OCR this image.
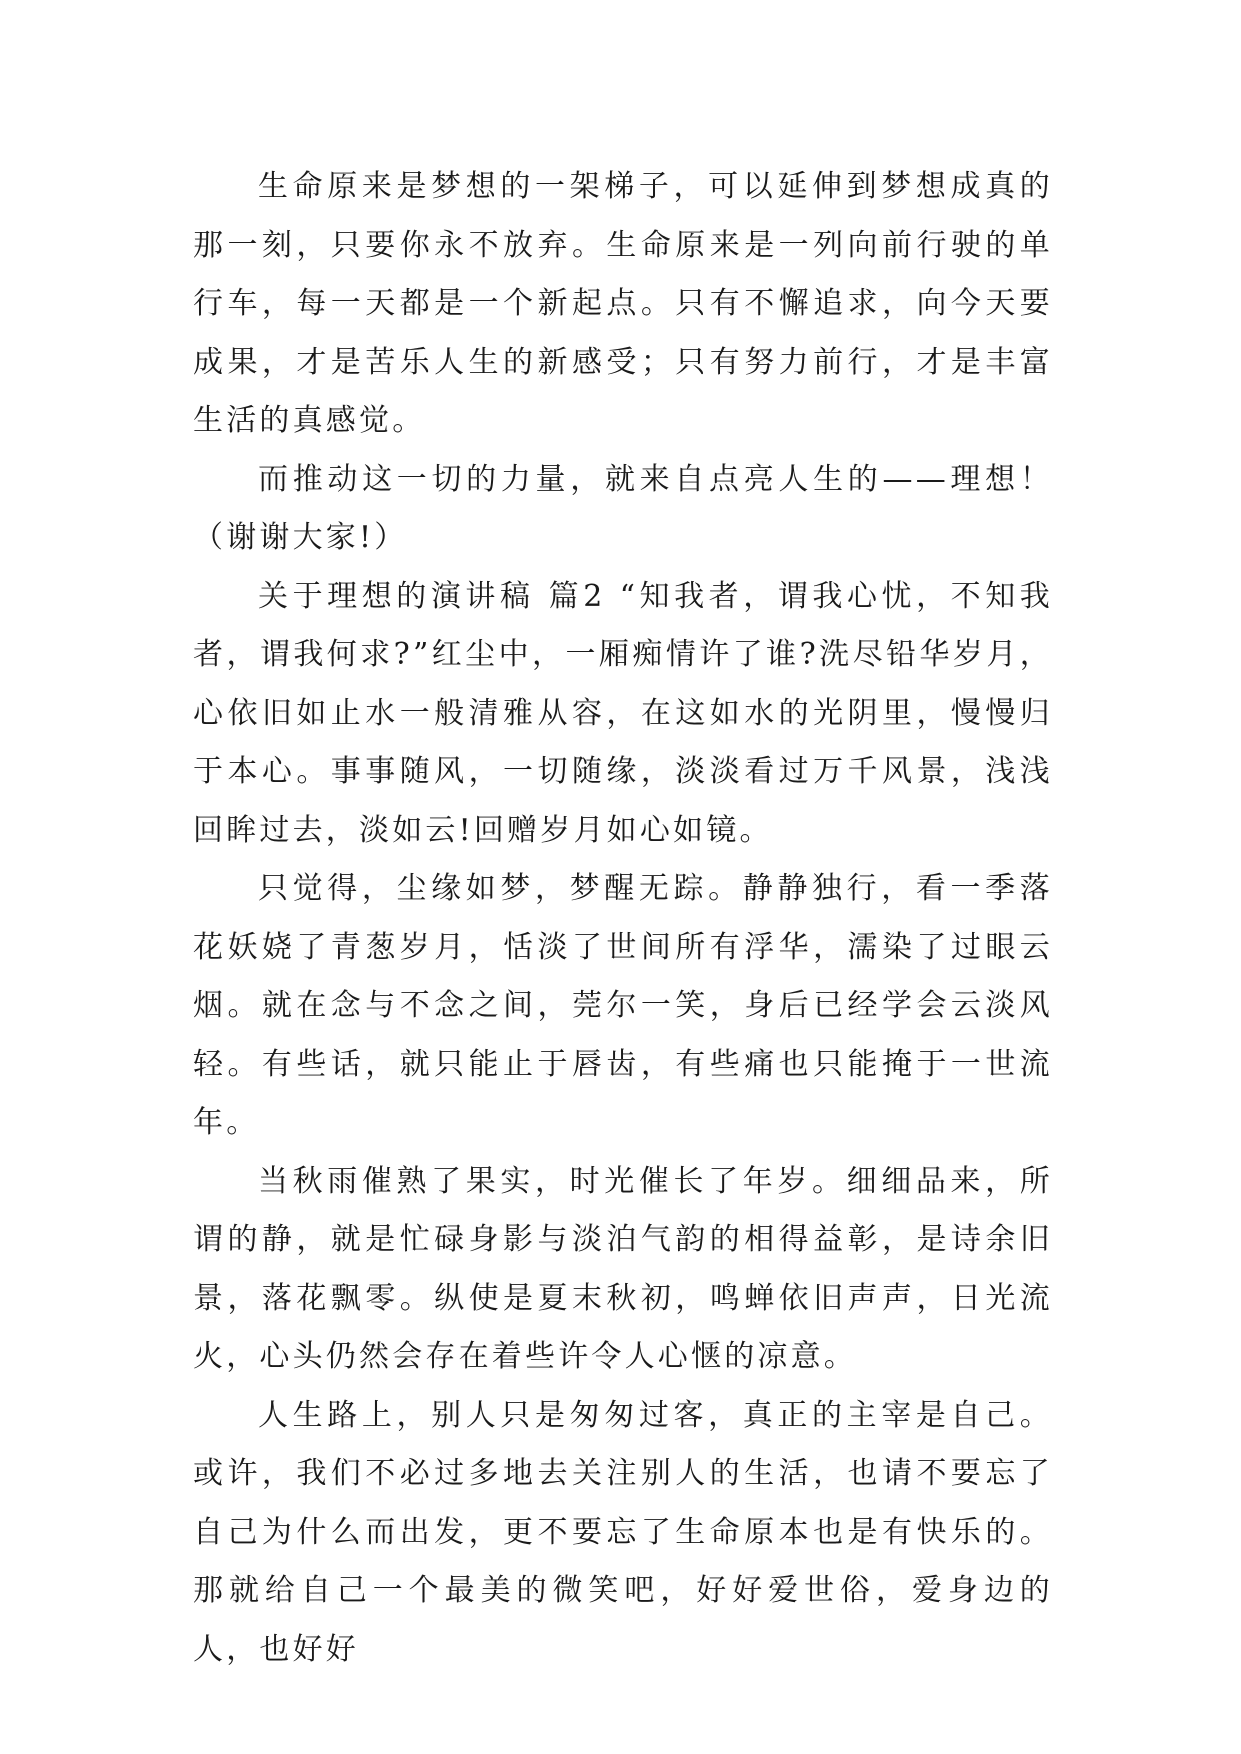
生命原来是梦想的一架梯子，可以延伸到梦想成真的那一刻，只要你永不放弃。生命原来是一列向前行驶的单行车，每一天都是一个新起点。只有不懈追求，向今天要成果，才是苦乐人生的新感受；只有努力前行，才是丰富生活的真感觉。

而推动这一切的力量，就来自点亮人生的——理想！（谢谢大家!）

关于理想的演讲稿 篇2 “知我者，谓我心忧，不知我者，谓我何求?”红尘中，一厢痴情许了谁?洗尽铅华岁月，心依旧如止水一般清雅从容，在这如水的光阴里，慢慢归于本心。事事随风，一切随缘，淡淡看过万千风景，浅浅回眸过去，淡如云!回赠岁月如心如镜。

只觉得，尘缘如梦，梦醒无踪。静静独行，看一季落花妖娆了青葱岁月，恬淡了世间所有浮华，濡染了过眼云烟。就在念与不念之间，莞尔一笑，身后已经学会云淡风轻。有些话，就只能止于唇齿，有些痛也只能掩于一世流年。

当秋雨催熟了果实，时光催长了年岁。细细品来，所谓的静，就是忙碌身影与淡泊气韵的相得益彰，是诗余旧景，落花飘零。纵使是夏末秋初，鸣蝉依旧声声，日光流火，心头仍然会存在着些许令人心惬的凉意。

人生路上，别人只是匆匆过客，真正的主宰是自己。或许，我们不必过多地去关注别人的生活，也请不要忘了自己为什么而出发，更不要忘了生命原本也是有快乐的。那就给自己一个最美的微笑吧，好好爱世俗，爱身边的人，也好好
